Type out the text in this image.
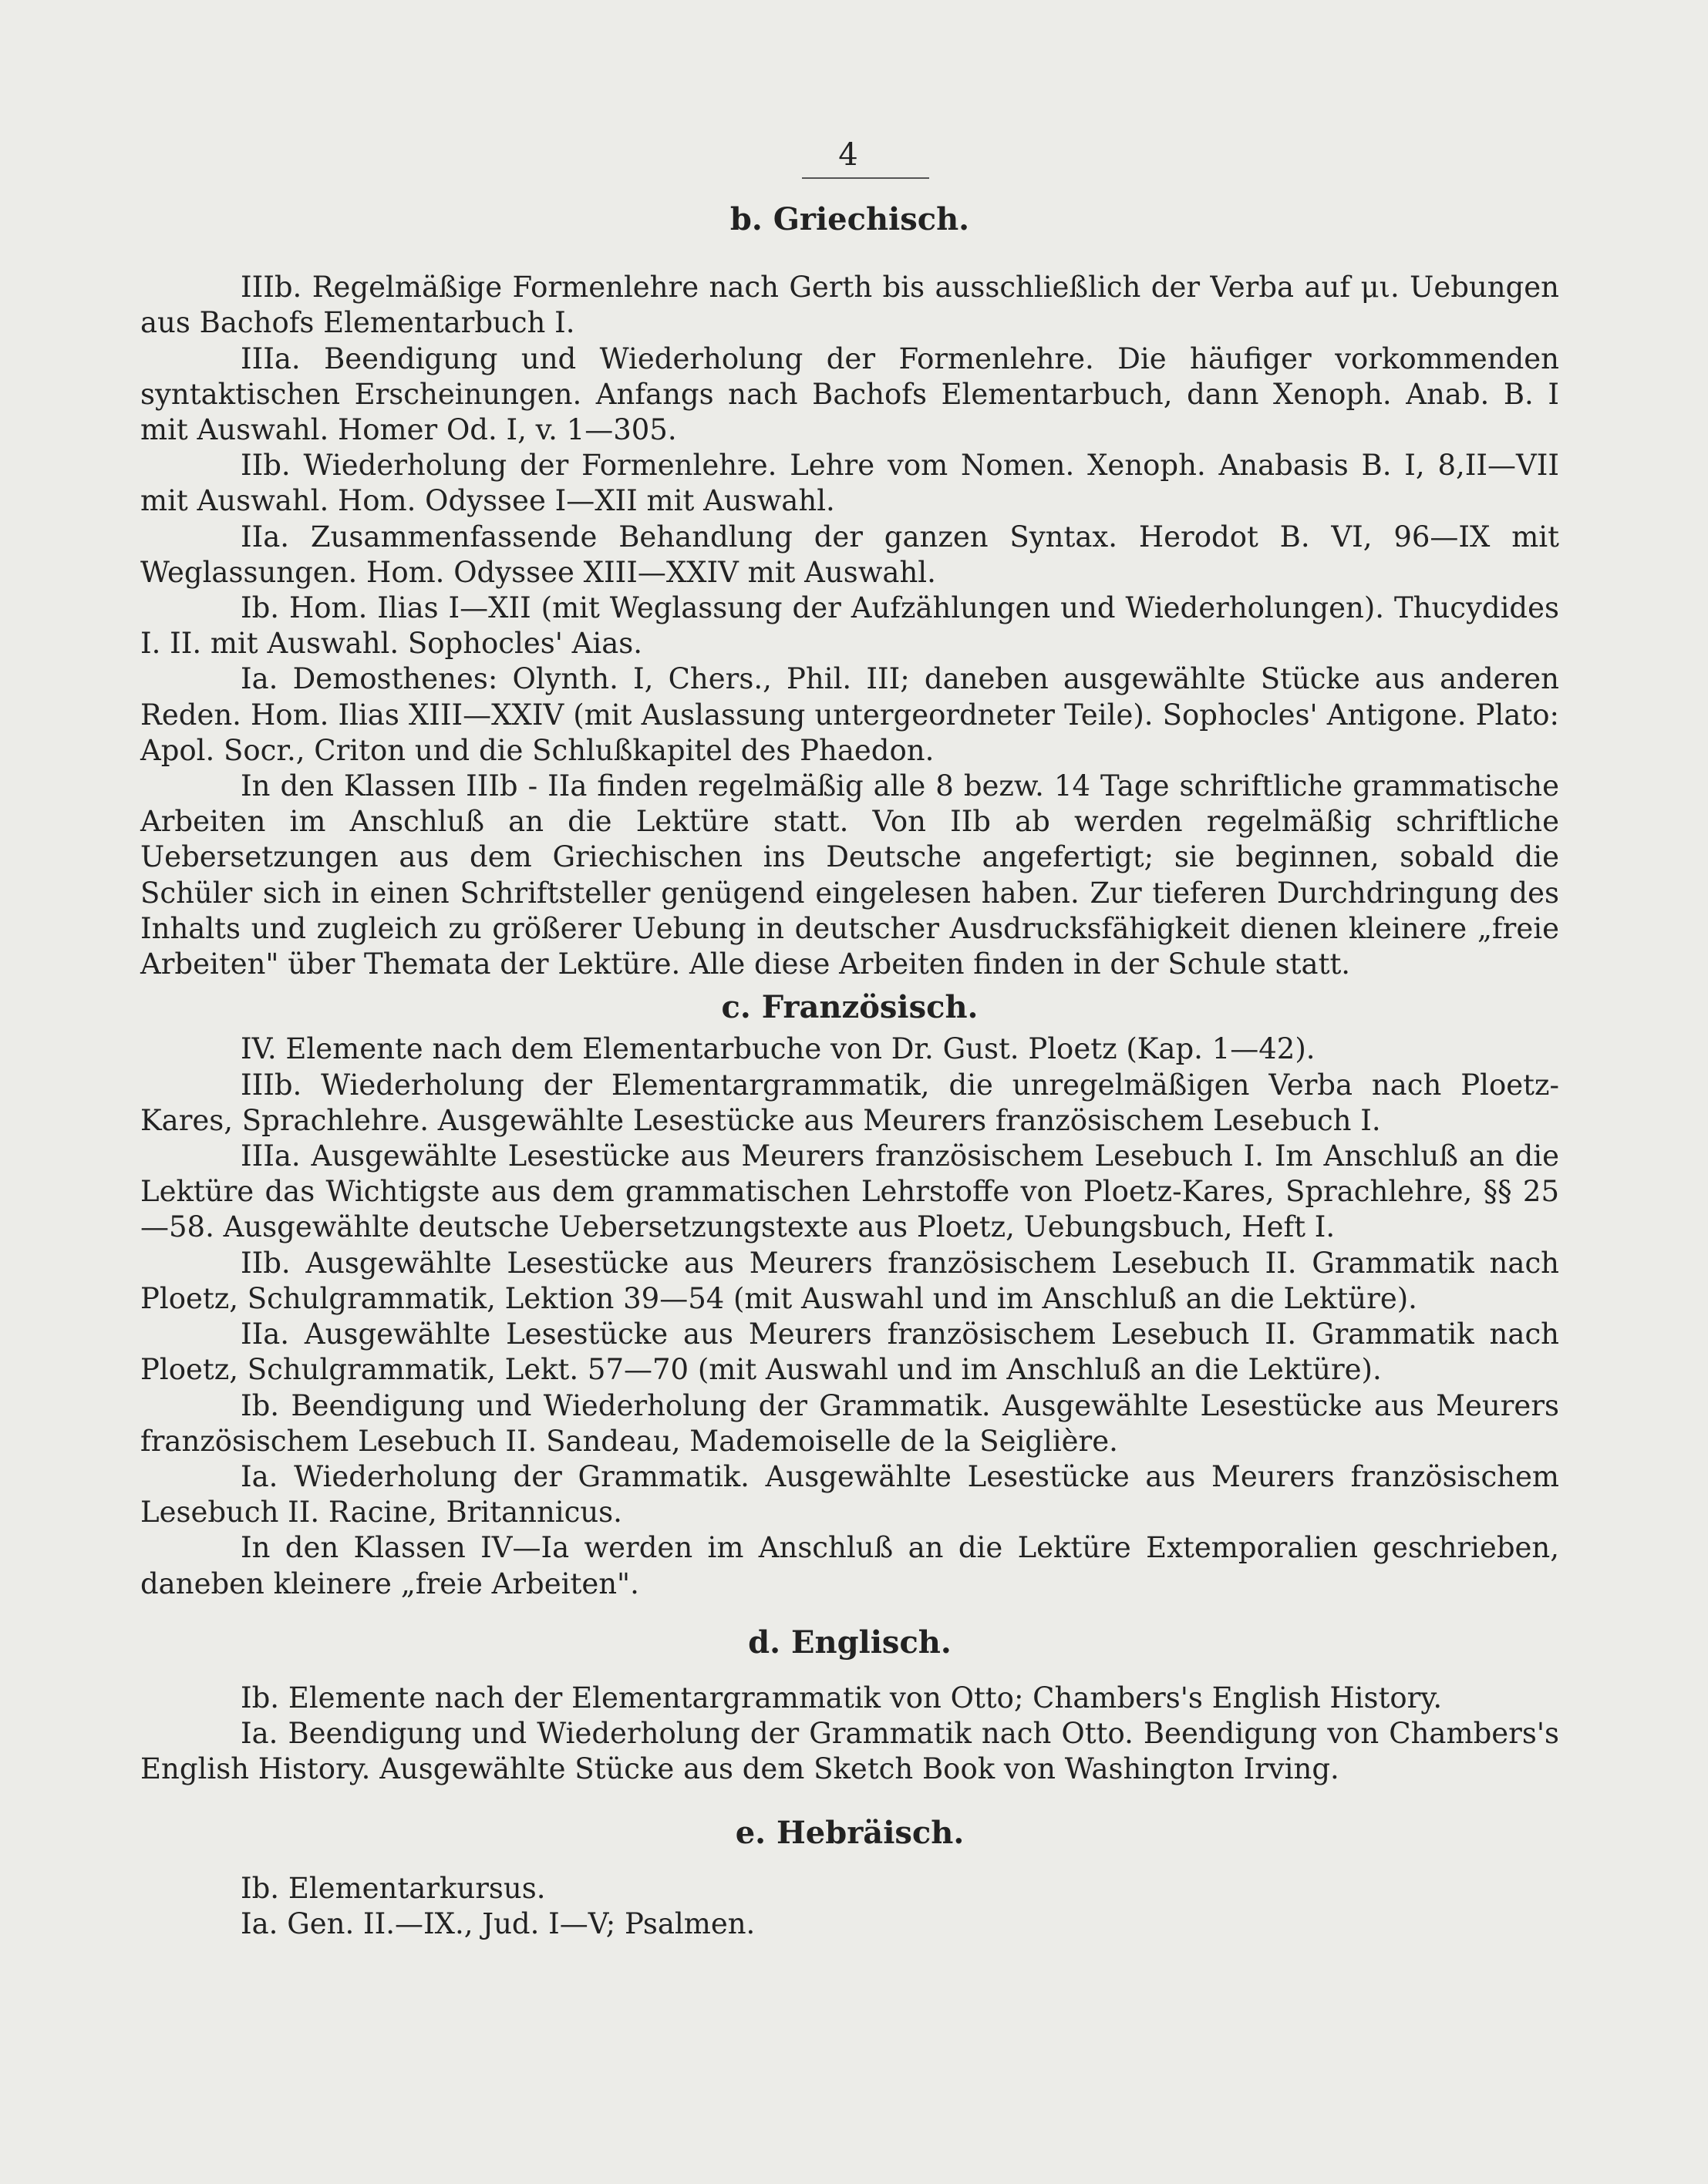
4
b. Griechisch.

IIIb. Regelmäßige Formenlehre nach Gerth bis ausschließlich der Verba auf μι. Uebungen aus Bachofs Elementarbuch I.

IIIa. Beendigung und Wiederholung der Formenlehre. Die häufiger vorkommenden syntaktischen Erscheinungen. Anfangs nach Bachofs Elementarbuch, dann Xenoph. Anab. B. I mit Auswahl. Homer Od. I, v. 1—305.

IIb. Wiederholung der Formenlehre. Lehre vom Nomen. Xenoph. Anabasis B. I, 8,II—VII mit Auswahl. Hom. Odyssee I—XII mit Auswahl.

IIa. Zusammenfassende Behandlung der ganzen Syntax. Herodot B. VI, 96—IX mit Weglassungen. Hom. Odyssee XIII—XXIV mit Auswahl.

Ib. Hom. Ilias I—XII (mit Weglassung der Aufzählungen und Wiederholungen). Thucydides I. II. mit Auswahl. Sophocles' Aias.

Ia. Demosthenes: Olynth. I, Chers., Phil. III; daneben ausgewählte Stücke aus anderen Reden. Hom. Ilias XIII—XXIV (mit Auslassung untergeordneter Teile). Sophocles' Antigone. Plato: Apol. Socr., Criton und die Schlußkapitel des Phaedon.

In den Klassen IIIb - IIa finden regelmäßig alle 8 bezw. 14 Tage schriftliche grammatische Arbeiten im Anschluß an die Lektüre statt. Von IIb ab werden regelmäßig schriftliche Uebersetzungen aus dem Griechischen ins Deutsche angefertigt; sie beginnen, sobald die Schüler sich in einen Schriftsteller genügend eingelesen haben. Zur tieferen Durchdringung des Inhalts und zugleich zu größerer Uebung in deutscher Ausdrucksfähigkeit dienen kleinere „freie Arbeiten" über Themata der Lektüre. Alle diese Arbeiten finden in der Schule statt.

c. Französisch.

IV. Elemente nach dem Elementarbuche von Dr. Gust. Ploetz (Kap. 1—42).

IIIb. Wiederholung der Elementargrammatik, die unregelmäßigen Verba nach Ploetz-Kares, Sprachlehre. Ausgewählte Lesestücke aus Meurers französischem Lesebuch I.

IIIa. Ausgewählte Lesestücke aus Meurers französischem Lesebuch I. Im Anschluß an die Lektüre das Wichtigste aus dem grammatischen Lehrstoffe von Ploetz-Kares, Sprachlehre, §§ 25—58. Ausgewählte deutsche Uebersetzungstexte aus Ploetz, Uebungsbuch, Heft I.

IIb. Ausgewählte Lesestücke aus Meurers französischem Lesebuch II. Grammatik nach Ploetz, Schulgrammatik, Lektion 39—54 (mit Auswahl und im Anschluß an die Lektüre).

IIa. Ausgewählte Lesestücke aus Meurers französischem Lesebuch II. Grammatik nach Ploetz, Schulgrammatik, Lekt. 57—70 (mit Auswahl und im Anschluß an die Lektüre).

Ib. Beendigung und Wiederholung der Grammatik. Ausgewählte Lesestücke aus Meurers französischem Lesebuch II. Sandeau, Mademoiselle de la Seiglière.

Ia. Wiederholung der Grammatik. Ausgewählte Lesestücke aus Meurers französischem Lesebuch II. Racine, Britannicus.

In den Klassen IV—Ia werden im Anschluß an die Lektüre Extemporalien geschrieben, daneben kleinere „freie Arbeiten".

d. Englisch.

Ib. Elemente nach der Elementargrammatik von Otto; Chambers's English History.

Ia. Beendigung und Wiederholung der Grammatik nach Otto. Beendigung von Chambers's English History. Ausgewählte Stücke aus dem Sketch Book von Washington Irving.

e. Hebräisch.

Ib. Elementarkursus.

Ia. Gen. II.—IX., Jud. I—V; Psalmen.
